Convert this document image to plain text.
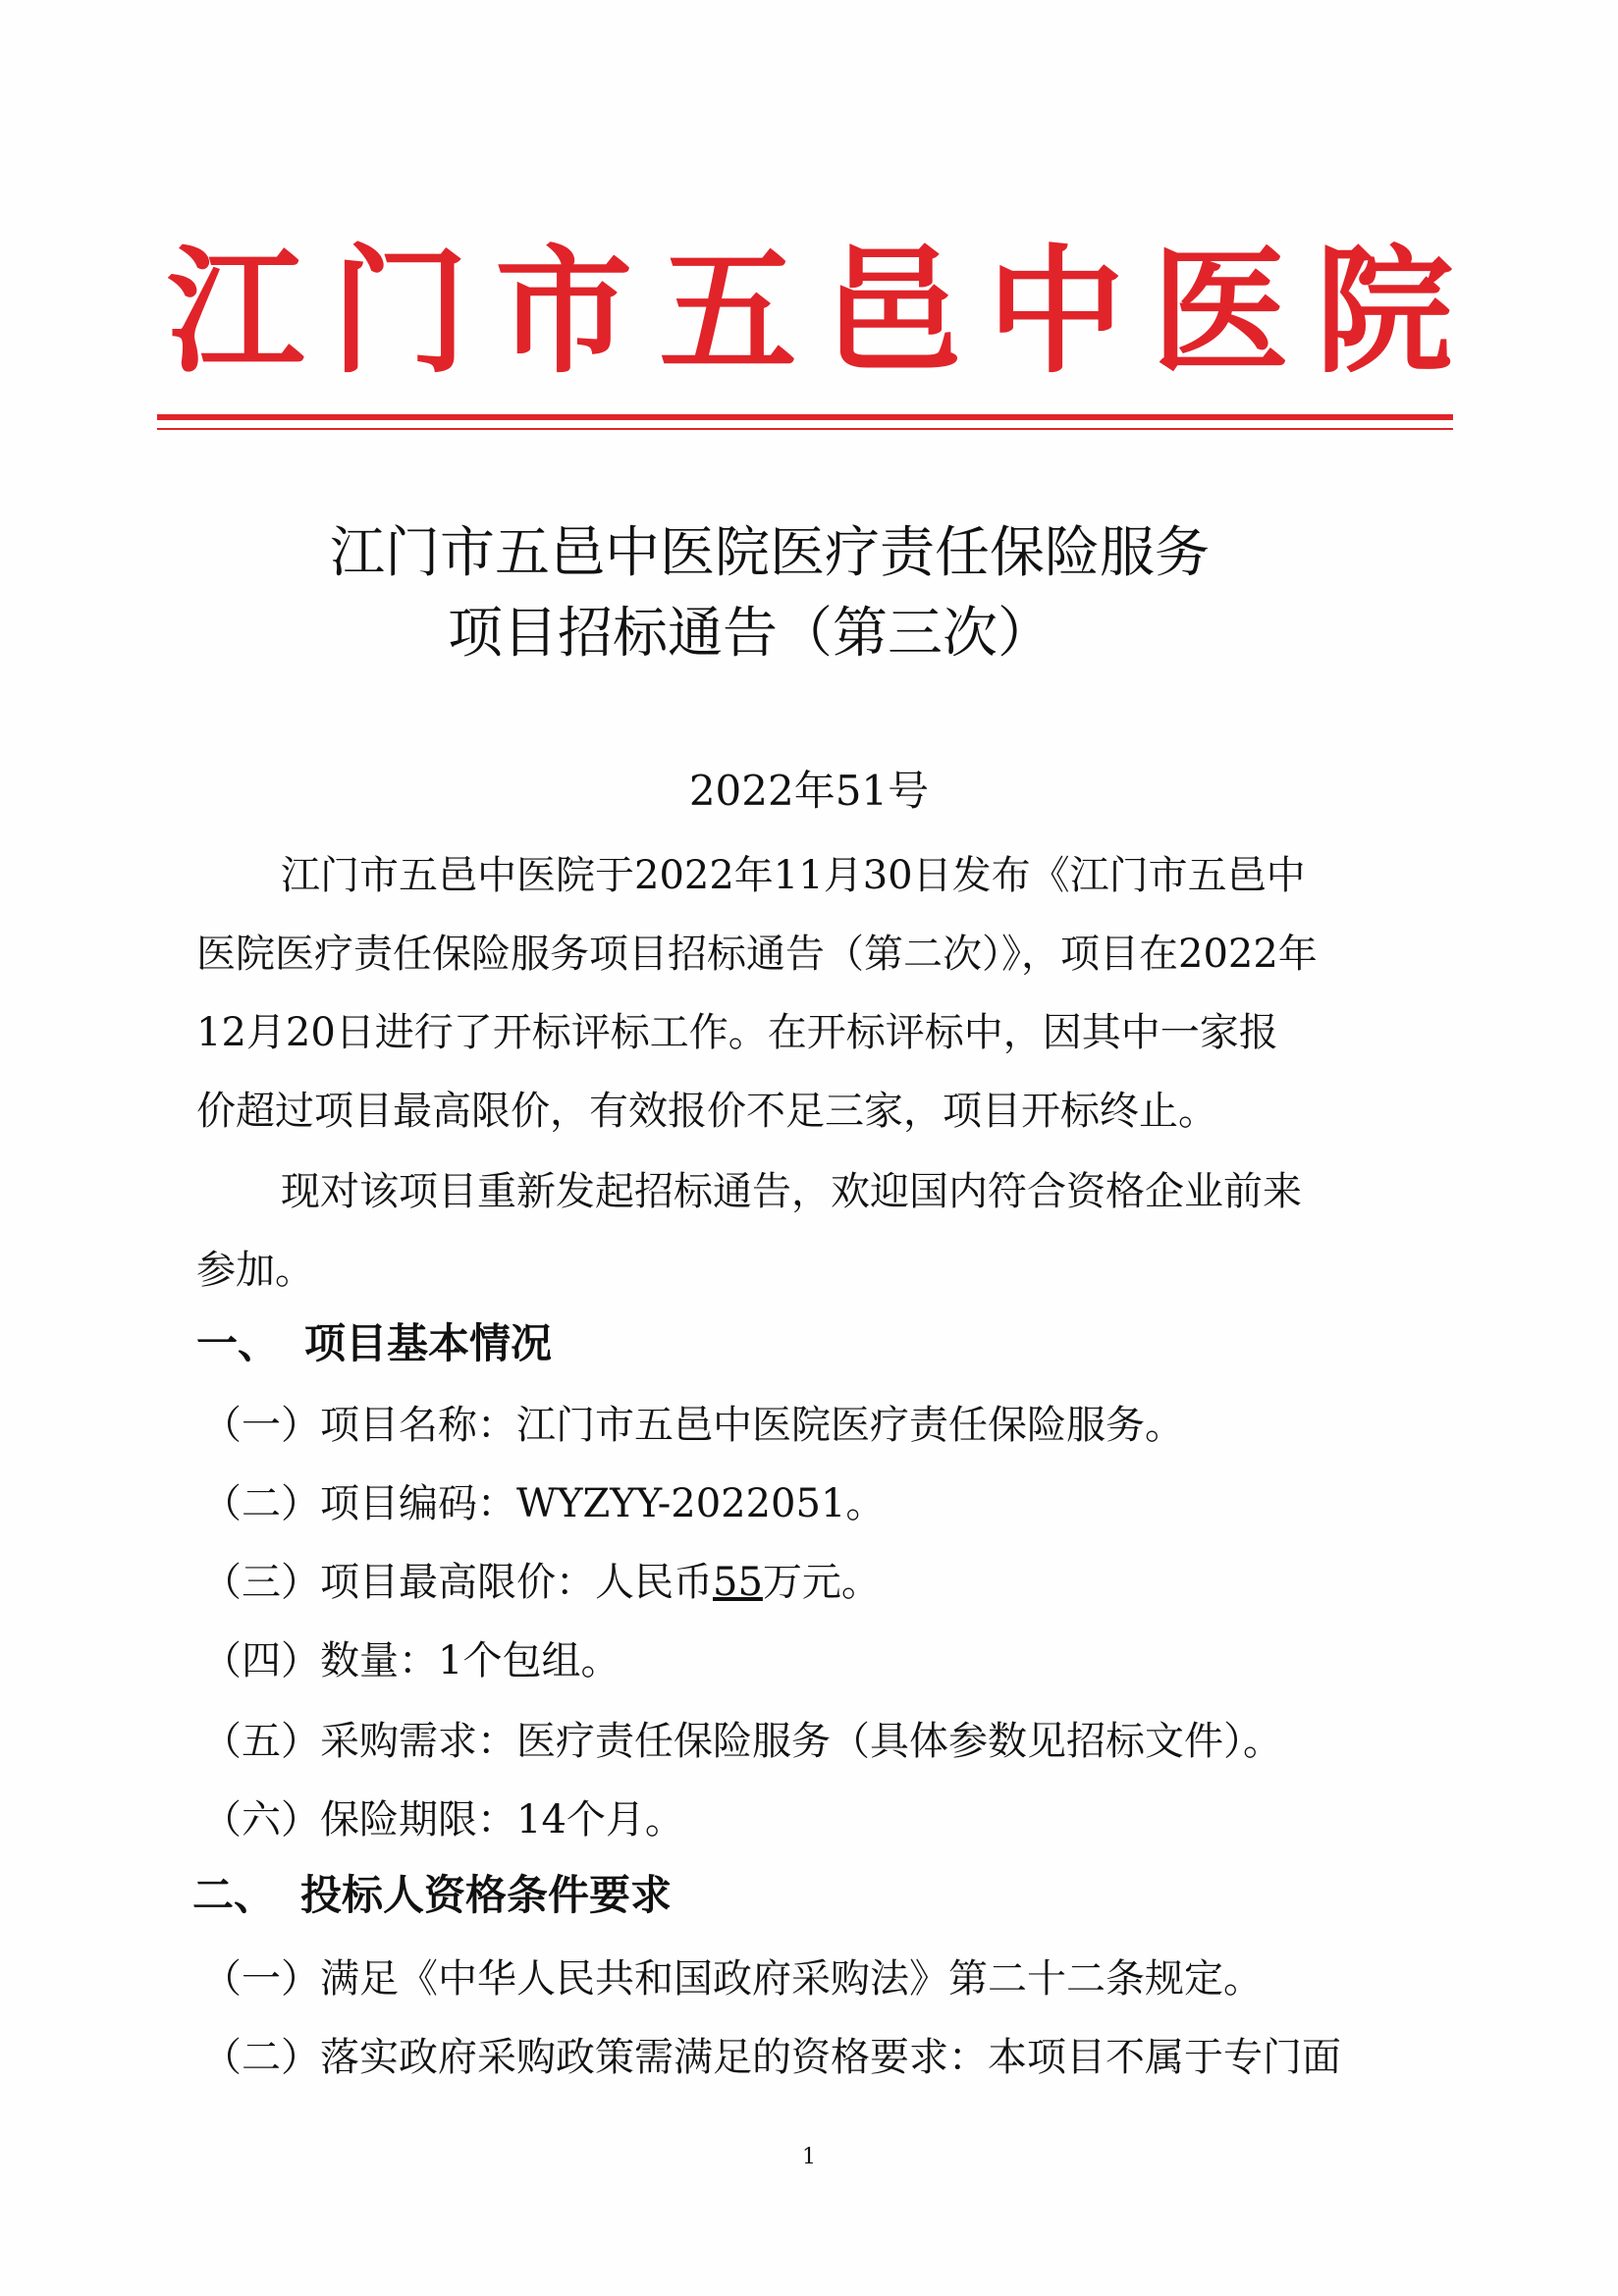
江 门 市 五 邑 中 医 院
江门市五邑中医院医疗责任保险服务
项目招标通告（第三次）
2022年51号
江门市五邑中医院于2022年11月30日发布《江门市五邑中
医院医疗责任保险服务项目招标通告（第二次）》，项目在2022年
12月20日进行了开标评标工作。在开标评标中，因其中一家报
价超过项目最高限价，有效报价不足三家，项目开标终止。
现对该项目重新发起招标通告，欢迎国内符合资格企业前来
参加。
一、 项目基本情况
（一）项目名称：江门市五邑中医院医疗责任保险服务。
（二）项目编码：WYZYY-2022051。
（三）项目最高限价：人民币55万元。
（四）数量：1个包组。
（五）采购需求：医疗责任保险服务（具体参数见招标文件）。
（六）保险期限：14个月。
二、 投标人资格条件要求
（一）满足《中华人民共和国政府采购法》第二十二条规定。
（二）落实政府采购政策需满足的资格要求：本项目不属于专门面
1
